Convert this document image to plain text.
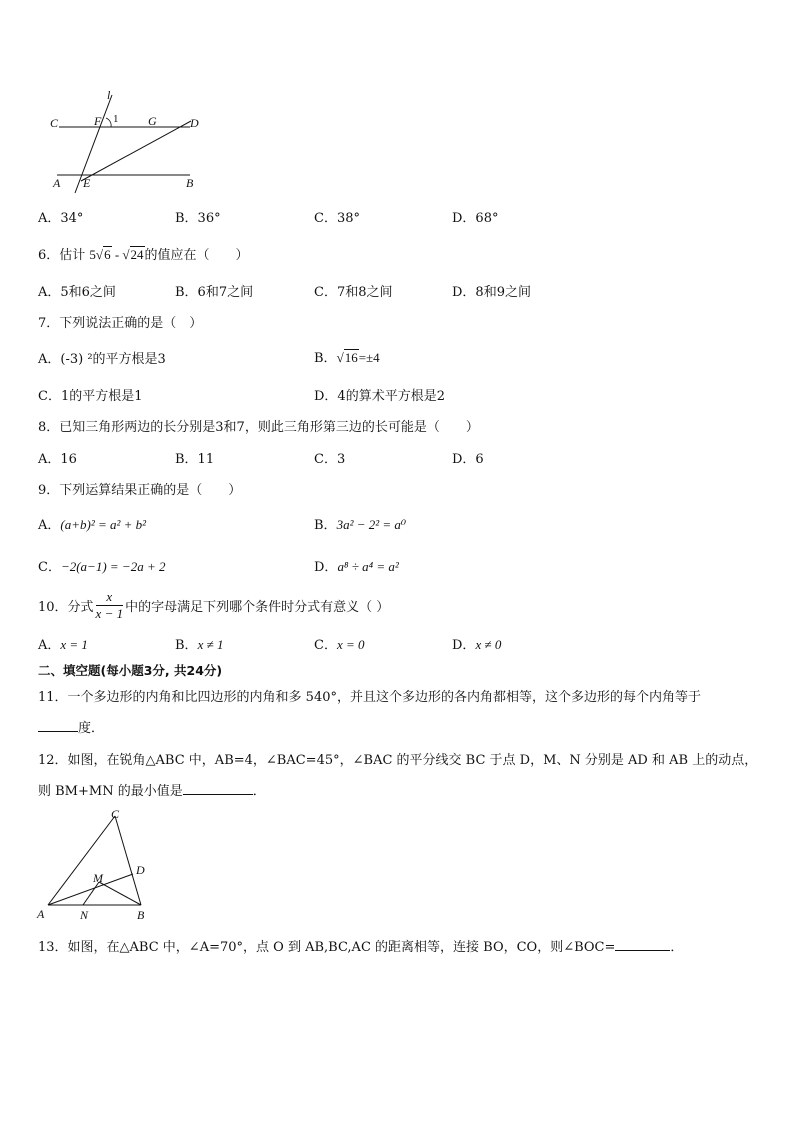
l
C	F 1 G	D
A E	B
A．34°	B．36°	C．38°	D．68°
6．估计 5√6 - √24的值应在（　　）
A．5和6之间	B．6和7之间	C．7和8之间	D．8和9之间
7．下列说法正确的是（　）
A．(-3) ²的平方根是3	B．√16=±4
C．1的平方根是1	D．4的算术平方根是2
8．已知三角形两边的长分别是3和7，则此三角形第三边的长可能是（　　）
A．16	B．11	C．3	D．6
9．下列运算结果正确的是（　　）
A．(a+b)² = a² + b²	B．3a² − 2² = a⁰
C．−2(a−1) = −2a + 2	D．a⁸ ÷ a⁴ = a²
10．分式 $\frac{x}{x - 1}$ 中的字母满足下列哪个条件时分式有意义（ ）
A．x = 1	B．x ≠ 1	C．x = 0	D．x ≠ 0
二、填空题(每小题3分, 共24分)
11．一个多边形的内角和比四边形的内角和多 540°，并且这个多边形的各内角都相等，这个多边形的每个内角等于
度．
12．如图，在锐角△ABC 中，AB=4，∠BAC=45°，∠BAC 的平分线交 BC 于点 D，M、N 分别是 AD 和 AB 上的动点，
则 BM+MN 的最小值是	．
C
D
M
A	N	B
13．如图，在△ABC 中，∠A=70°，点 O 到 AB,BC,AC 的距离相等，连接 BO，CO，则∠BOC=	．
